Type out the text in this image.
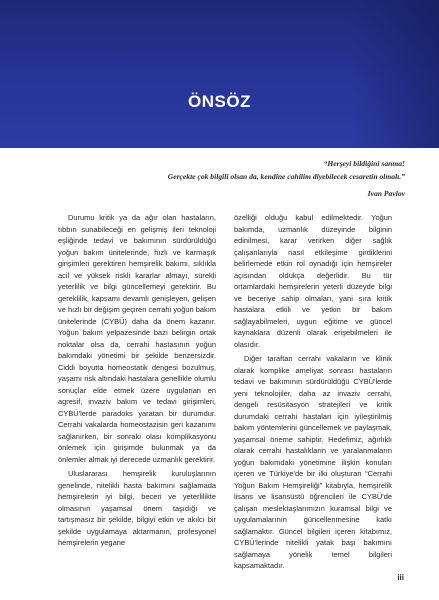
ÖNSÖZ
“Herşeyi bildiğini sanma!
Gerçekte çok bilgili olsan da, kendine cahilim diyebilecek cesaretin olmalı.”
Ivan Pavlov

Durumu kritik ya da ağır olan hastaların, tıbbın sunabileceği en gelişmiş ileri teknoloji eşliğinde tedavi ve bakımının sürdürüldüğü yoğun bakım ünitelerinde, hızlı ve karmaşık girişimleri gerektiren hemşirelik bakımı, sıklıkla acil ve yüksek riskli kararlar almayı, sürekli yeterlilik ve bilgi güncellemeyi gerektirir. Bu gereklilik, kapsamı devamlı genişleyen, gelişen ve hızlı bir değişim geçiren cerrahi yoğun bakım ünitelerinde (CYBÜ) daha da önem kazanır. Yoğun bakım yelpazesinde bazı belirgin ortak noktalar olsa da, cerrahi hastasının yoğun bakımdaki yönetimi bir şekilde benzersizdir. Ciddi boyutta homeostatik dengesi bozulmuş, yaşamı risk altındaki hastalara genellikle olumlu sonuçlar elde etmek üzere uygulanan en agresif, invaziv bakım ve tedavi girişimleri, CYBÜ'lerde paradoks yaratan bir durumdur. Cerrahi vakalarda homeostazisin geri kazanımı sağlanırken, bir sonraki olası komplikasyonu önlemek için girişimde bulunmak ya da önlemler almak iyi derecede uzmanlık gerektirir.

Uluslararası hemşirelik kuruluşlarının genelinde, nitelikli hasta bakımını sağlamada hemşirelerin iyi bilgi, beceri ve yeterlilikte olmasının yaşamsal önem taşıdığı ve tartışmasız bir şekilde, bilgiyi etkin ve akılcı bir şekilde uygulamaya aktarmanın, profesyonel hemşirelerin yegane

özelliği olduğu kabul edilmektedir. Yoğun bakımda, uzmanlık düzeyinde bilginin edinilmesi, karar verirken diğer sağlık çalışanlarıyla nasıl etkileşime girdiklerini belirlemede etkin rol oynadığı için hemşireler açısından oldukça değerlidir. Bu tür ortamlardaki hemşirelerin yeterli düzeyde bilgi ve beceriye sahip olmaları, yani sıra kritik hastalara etkili ve yetkin bir bakım sağlayabilmeleri, uygun eğitime ve güncel kaynaklara düzenli olarak erişebilmeleri ile olasıdır.

Diğer taraftan cerrahi vakaların ve klinik olarak komplike ameliyat sonrası hastaların tedavi ve bakımının sürdürüldüğü CYBÜ'lerde yeni teknolojiler, daha az invaziv cerrahi, dengeli resüsitasyon stratejileri ve kritik durumdaki cerrahi hastaları için iyileştirilmiş bakım yöntemlerini güncellemek ve paylaşmak, yaşamsal öneme sahiptir. Hedefimiz, ağırlıklı olarak cerrahi hastalıkların ve yaralanmaların yoğun bakımdaki yönetimine ilişkin konuları içeren ve Türkiye'de bir ilki oluşturan “Cerrahi Yoğun Bakım Hemşireliği” kitabıyla, hemşirelik lisans ve lisansüstü öğrencileri ile CYBÜ'de çalışan meslektaşlarımızın kuramsal bilgi ve uygulamalarının güncellenmesine katkı sağlamaktır. Güncel bilgileri içeren kitabımız, CYBÜ'lerinde nitelikli yatak başı bakımını sağlamaya yönelik temel bilgileri kapsamaktadır.

iii
